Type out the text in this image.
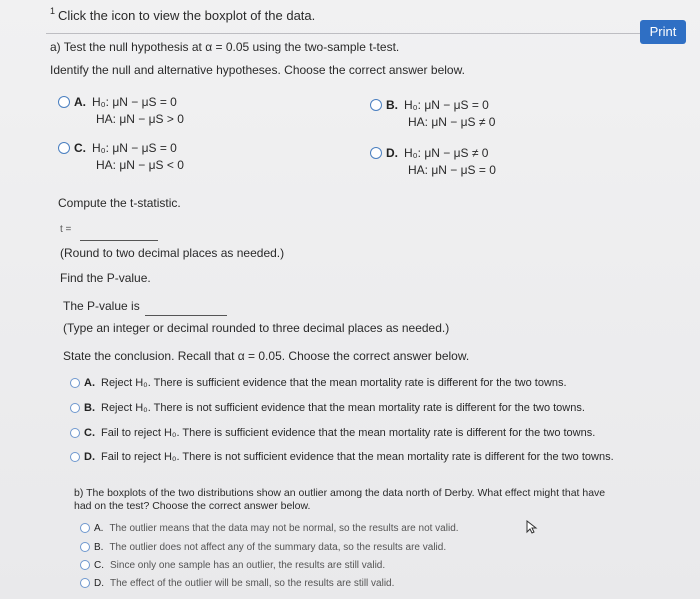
1 Click the icon to view the boxplot of the data.
Print
a) Test the null hypothesis at α = 0.05 using the two-sample t-test.
Identify the null and alternative hypotheses. Choose the correct answer below.
A. H₀: μN − μS = 0
HA: μN − μS > 0
B. H₀: μN − μS = 0
HA: μN − μS ≠ 0
C. H₀: μN − μS = 0
HA: μN − μS < 0
D. H₀: μN − μS ≠ 0
HA: μN − μS = 0
Compute the t-statistic.
t =
(Round to two decimal places as needed.)
Find the P-value.
The P-value is
(Type an integer or decimal rounded to three decimal places as needed.)
State the conclusion. Recall that α = 0.05. Choose the correct answer below.
A. Reject H₀. There is sufficient evidence that the mean mortality rate is different for the two towns.
B. Reject H₀. There is not sufficient evidence that the mean mortality rate is different for the two towns.
C. Fail to reject H₀. There is sufficient evidence that the mean mortality rate is different for the two towns.
D. Fail to reject H₀. There is not sufficient evidence that the mean mortality rate is different for the two towns.
b) The boxplots of the two distributions show an outlier among the data north of Derby. What effect might that have
had on the test? Choose the correct answer below.
A. The outlier means that the data may not be normal, so the results are not valid.
B. The outlier does not affect any of the summary data, so the results are valid.
C. Since only one sample has an outlier, the results are still valid.
D. The effect of the outlier will be small, so the results are still valid.
